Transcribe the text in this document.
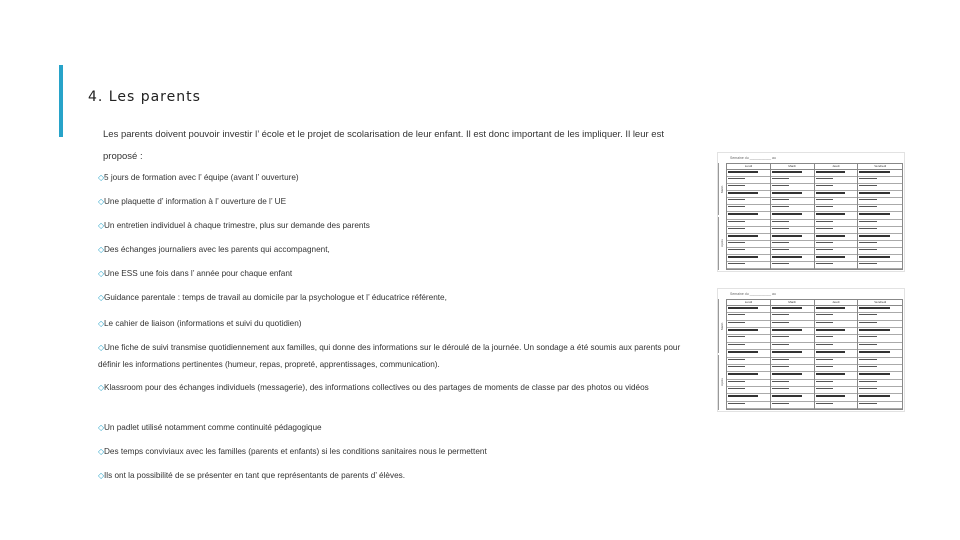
4. Les parents
Les parents doivent pouvoir investir l’ école et le projet de scolarisation de leur enfant. Il est donc important de les impliquer. Il leur est proposé :
◇5 jours de formation avec l’ équipe (avant l’ ouverture)
◇Une plaquette d’ information à l’ ouverture de l’ UE
◇Un entretien individuel à chaque trimestre, plus sur demande des parents
◇Des échanges journaliers avec les parents qui accompagnent,
◇Une ESS une fois dans l’ année pour chaque enfant
◇Guidance parentale : temps de travail au domicile par la psychologue et l’ éducatrice référente,
◇Le cahier de liaison (informations et suivi du quotidien)
◇Une fiche de suivi transmise quotidiennement aux familles, qui donne des informations sur le déroulé de la journée. Un sondage a été soumis aux parents pour définir les informations pertinentes (humeur, repas, propreté, apprentissages, communication).
◇Klassroom pour des échanges individuels (messagerie), des informations collectives ou des partages de moments de classe par des photos ou vidéos
◇Un padlet utilisé notamment comme continuité pédagogique
◇Des temps conviviaux avec les familles (parents et enfants) si les conditions sanitaires nous le permettent
◇Ils ont la possibilité de se présenter en tant que représentants de parents d’ élèves.
Semaine du ___________ au
Matin
Après
Lundi	Mardi	Jeudi	Vendredi
Semaine du ___________ au
Matin
Après
Lundi	Mardi	Jeudi	Vendredi
